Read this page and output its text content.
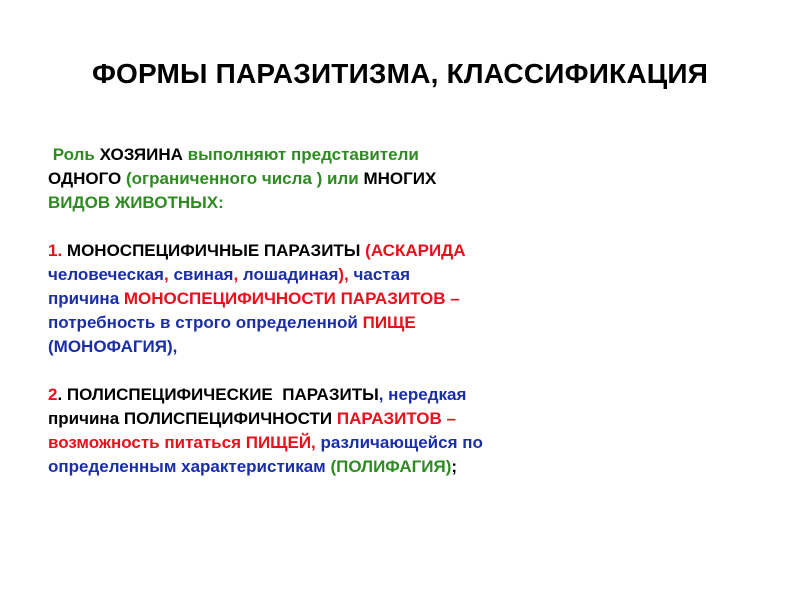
ФОРМЫ ПАРАЗИТИЗМА, КЛАССИФИКАЦИЯ
Роль ХОЗЯИНА выполняют представители
ОДНОГО (ограниченного числа ) или МНОГИХ
ВИДОВ ЖИВОТНЫХ:
1. МОНОСПЕЦИФИЧНЫЕ ПАРАЗИТЫ (АСКАРИДА
человеческая, свиная, лошадиная), частая
причина МОНОСПЕЦИФИЧНОСТИ ПАРАЗИТОВ –
потребность в строго определенной ПИЩЕ
(МОНОФАГИЯ),
2. ПОЛИСПЕЦИФИЧЕСКИЕ  ПАРАЗИТЫ, нередкая
причина ПОЛИСПЕЦИФИЧНОСТИ ПАРАЗИТОВ –
возможность питаться ПИЩЕЙ, различающейся по
определенным характеристикам (ПОЛИФАГИЯ);
